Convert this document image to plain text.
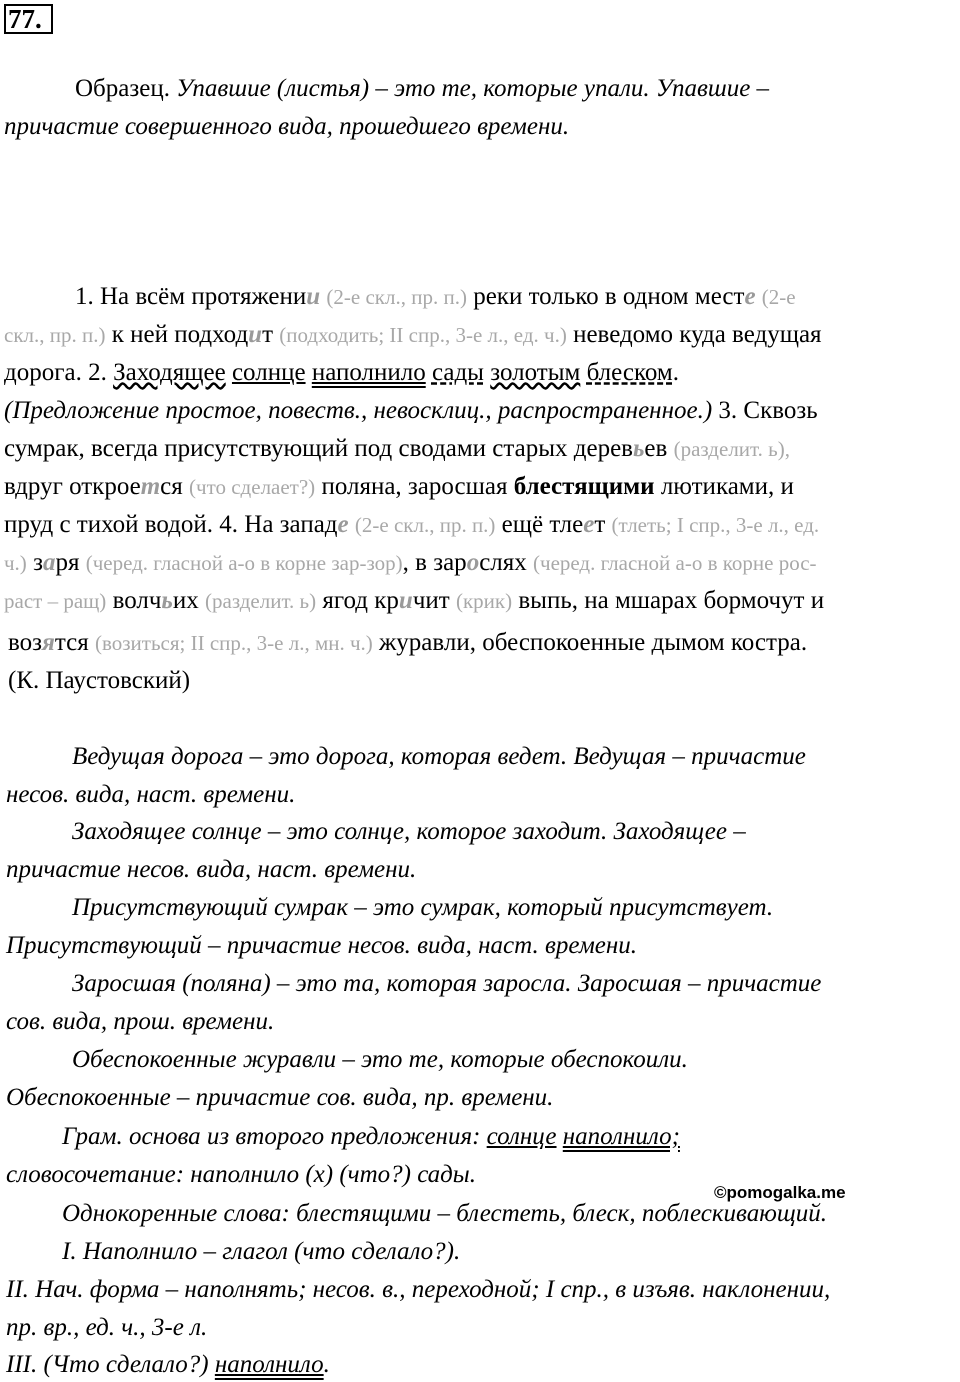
77.
Образец. Упавшие (листья) – это те, которые упали. Упавшие –
причастие совершенного вида, прошедшего времени.
1. На всём протяжении (2-е скл., пр. п.) реки только в одном месте (2-е
скл., пр. п.) к ней подходит (подходить; II спр., 3-е л., ед. ч.) неведомо куда ведущая
дорога. 2. Заходящее солнце наполнило сады золотым блеском.
(Предложение простое, повеств., невосклиц., распространенное.) 3. Сквозь
сумрак, всегда присутствующий под сводами старых деревьев (разделит. ь),
вдруг откроется (что сделает?) поляна, заросшая блестящими лютиками, и
пруд с тихой водой. 4. На западе (2-е скл., пр. п.) ещё тлеет (тлеть; I спр., 3-е л., ед.
ч.) заря (черед. гласной а-о в корне зар-зор), в зарослях (черед. гласной а-о в корне рос-
раст – ращ) волчьих (разделит. ь) ягод кричит (крик) выпь, на мшарах бормочут и
возятся (возиться; II спр., 3-е л., мн. ч.) журавли, обеспокоенные дымом костра.
(К. Паустовский)
Ведущая дорога – это дорога, которая ведет. Ведущая – причастие
несов. вида, наст. времени.
Заходящее солнце – это солнце, которое заходит. Заходящее –
причастие несов. вида, наст. времени.
Присутствующий сумрак – это сумрак, который присутствует.
Присутствующий – причастие несов. вида, наст. времени.
Заросшая (поляна) – это та, которая заросла. Заросшая – причастие
сов. вида, прош. времени.
Обеспокоенные журавли – это те, которые обеспокоили.
Обеспокоенные – причастие сов. вида, пр. времени.
Грам. основа из второго предложения: солнце наполнило;
словосочетание: наполнило (х) (что?) сады.
©pomogalka.me
Однокоренные слова: блестящими – блестеть, блеск, поблескивающий.
I. Наполнило – глагол (что сделало?).
II. Нач. форма – наполнять; несов. в., переходной; I спр., в изъяв. наклонении,
пр. вр., ед. ч., 3-е л.
III. (Что сделало?) наполнило.
